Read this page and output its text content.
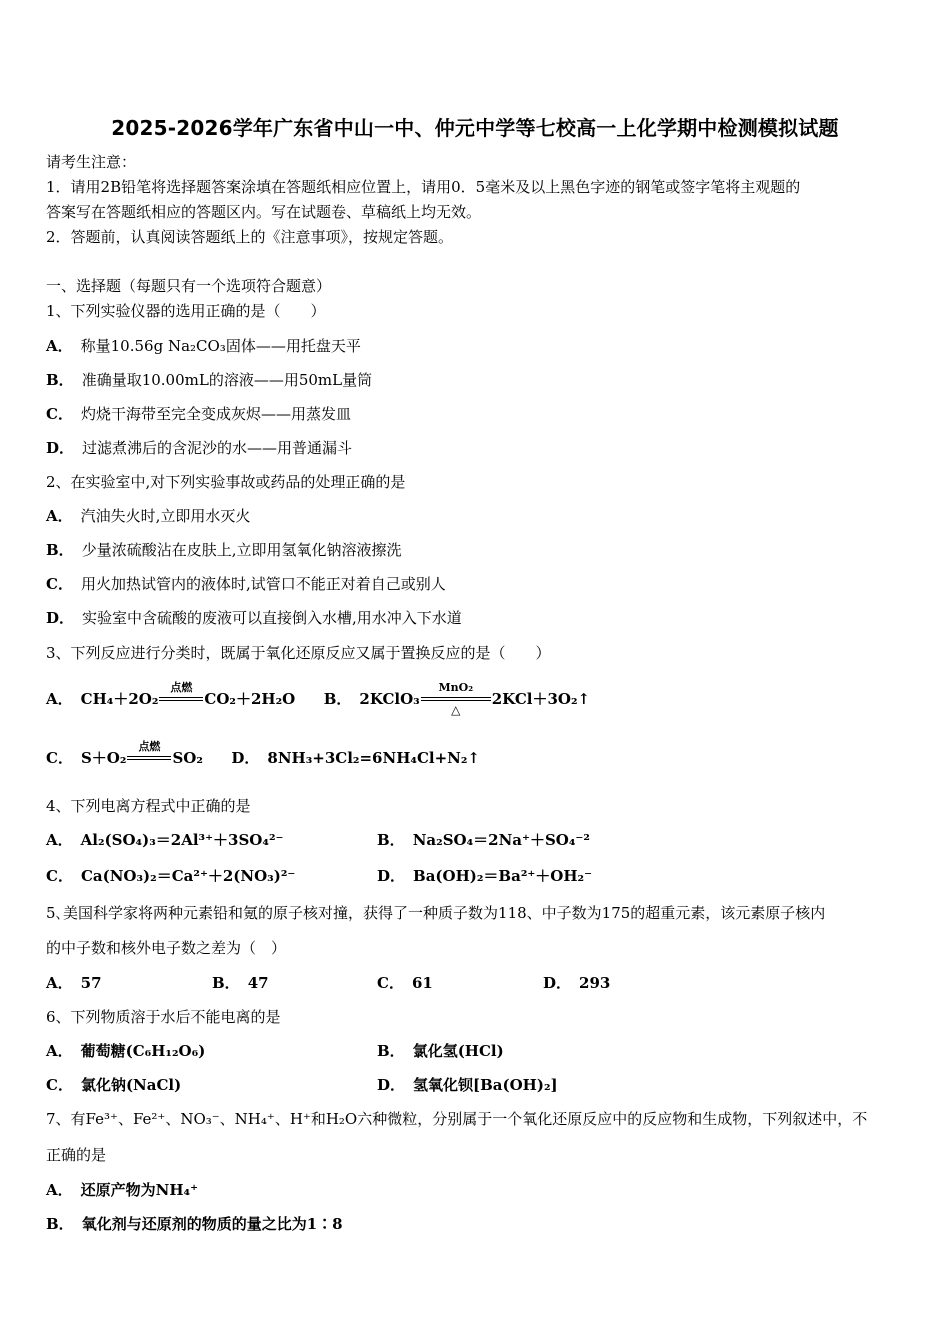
2025-2026学年广东省中山一中、仲元中学等七校高一上化学期中检测模拟试题
请考生注意：
1．请用2B铅笔将选择题答案涂填在答题纸相应位置上，请用0．5毫米及以上黑色字迹的钢笔或签字笔将主观题的
答案写在答题纸相应的答题区内。写在试题卷、草稿纸上均无效。
2．答题前，认真阅读答题纸上的《注意事项》，按规定答题。
一、选择题（每题只有一个选项符合题意）
1、下列实验仪器的选用正确的是（　　）
A． 称量10.56g Na₂CO₃固体——用托盘天平
B． 准确量取10.00mL的溶液——用50mL量筒
C． 灼烧干海带至完全变成灰烬——用蒸发皿
D． 过滤煮沸后的含泥沙的水——用普通漏斗
2、在实验室中,对下列实验事故或药品的处理正确的是
A． 汽油失火时,立即用水灭火
B． 少量浓硫酸沾在皮肤上,立即用氢氧化钠溶液擦洗
C． 用火加热试管内的液体时,试管口不能正对着自己或别人
D． 实验室中含硫酸的废液可以直接倒入水槽,用水冲入下水道
3、下列反应进行分类时，既属于氧化还原反应又属于置换反应的是（　　）
A． CH₄＋2O₂
点燃
CO₂＋2H₂O B． 2KClO₃
MnO₂
△
2KCl＋3O₂↑
C． S＋O₂
点燃
SO₂ D． 8NH₃+3Cl₂=6NH₄Cl+N₂↑
4、下列电离方程式中正确的是
A． Al₂(SO₄)₃＝2Al³⁺＋3SO₄²⁻	B． Na₂SO₄＝2Na⁺＋SO₄⁻²
C． Ca(NO₃)₂＝Ca²⁺＋2(NO₃)²⁻	D． Ba(OH)₂＝Ba²⁺＋OH₂⁻
5､美国科学家将两种元素铅和氪的原子核对撞，获得了一种质子数为118、中子数为175的超重元素，该元素原子核内
的中子数和核外电子数之差为（　）
A． 57	B． 47	C． 61	D． 293
6、下列物质溶于水后不能电离的是
A． 葡萄糖(C₆H₁₂O₆)	B． 氯化氢(HCl)
C． 氯化钠(NaCl)	D． 氢氧化钡[Ba(OH)₂]
7、有Fe³⁺、Fe²⁺、NO₃⁻、NH₄⁺、H⁺和H₂O六种微粒，分别属于一个氧化还原反应中的反应物和生成物，下列叙述中，不
正确的是
A． 还原产物为NH₄⁺
B． 氧化剂与还原剂的物质的量之比为1∶8
